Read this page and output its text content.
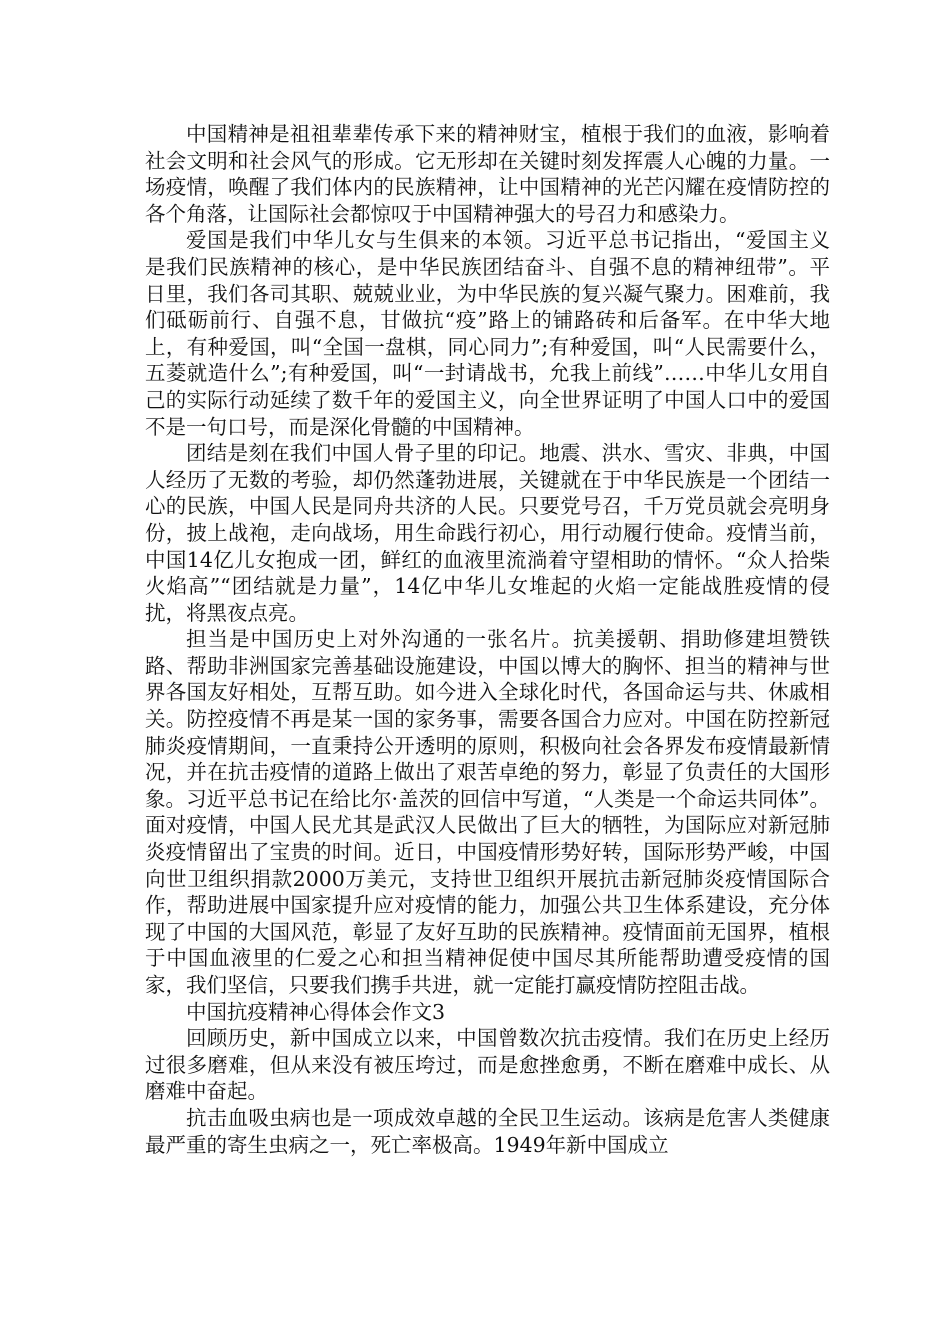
中国精神是祖祖辈辈传承下来的精神财宝，植根于我们的血液，影响着社会文明和社会风气的形成。它无形却在关键时刻发挥震人心魄的力量。一场疫情，唤醒了我们体内的民族精神，让中国精神的光芒闪耀在疫情防控的各个角落，让国际社会都惊叹于中国精神强大的号召力和感染力。

爱国是我们中华儿女与生俱来的本领。习近平总书记指出，“爱国主义是我们民族精神的核心，是中华民族团结奋斗、自强不息的精神纽带”。平日里，我们各司其职、兢兢业业，为中华民族的复兴凝气聚力。困难前，我们砥砺前行、自强不息，甘做抗“疫”路上的铺路砖和后备军。在中华大地上，有种爱国，叫“全国一盘棋，同心同力”;有种爱国，叫“人民需要什么，五菱就造什么”;有种爱国，叫“一封请战书，允我上前线”……中华儿女用自己的实际行动延续了数千年的爱国主义，向全世界证明了中国人口中的爱国不是一句口号，而是深化骨髓的中国精神。

团结是刻在我们中国人骨子里的印记。地震、洪水、雪灾、非典，中国人经历了无数的考验，却仍然蓬勃进展，关键就在于中华民族是一个团结一心的民族，中国人民是同舟共济的人民。只要党号召，千万党员就会亮明身份，披上战袍，走向战场，用生命践行初心，用行动履行使命。疫情当前，中国14亿儿女抱成一团，鲜红的血液里流淌着守望相助的情怀。“众人拾柴火焰高”“团结就是力量”，14亿中华儿女堆起的火焰一定能战胜疫情的侵扰，将黑夜点亮。

担当是中国历史上对外沟通的一张名片。抗美援朝、捐助修建坦赞铁路、帮助非洲国家完善基础设施建设，中国以博大的胸怀、担当的精神与世界各国友好相处，互帮互助。如今进入全球化时代，各国命运与共、休戚相关。防控疫情不再是某一国的家务事，需要各国合力应对。中国在防控新冠肺炎疫情期间，一直秉持公开透明的原则，积极向社会各界发布疫情最新情况，并在抗击疫情的道路上做出了艰苦卓绝的努力，彰显了负责任的大国形象。习近平总书记在给比尔·盖茨的回信中写道，“人类是一个命运共同体”。面对疫情，中国人民尤其是武汉人民做出了巨大的牺牲，为国际应对新冠肺炎疫情留出了宝贵的时间。近日，中国疫情形势好转，国际形势严峻，中国向世卫组织捐款2000万美元，支持世卫组织开展抗击新冠肺炎疫情国际合作，帮助进展中国家提升应对疫情的能力，加强公共卫生体系建设，充分体现了中国的大国风范，彰显了友好互助的民族精神。疫情面前无国界，植根于中国血液里的仁爱之心和担当精神促使中国尽其所能帮助遭受疫情的国家，我们坚信，只要我们携手共进，就一定能打赢疫情防控阻击战。

中国抗疫精神心得体会作文3

回顾历史，新中国成立以来，中国曾数次抗击疫情。我们在历史上经历过很多磨难，但从来没有被压垮过，而是愈挫愈勇，不断在磨难中成长、从磨难中奋起。

抗击血吸虫病也是一项成效卓越的全民卫生运动。该病是危害人类健康最严重的寄生虫病之一，死亡率极高。1949年新中国成立
